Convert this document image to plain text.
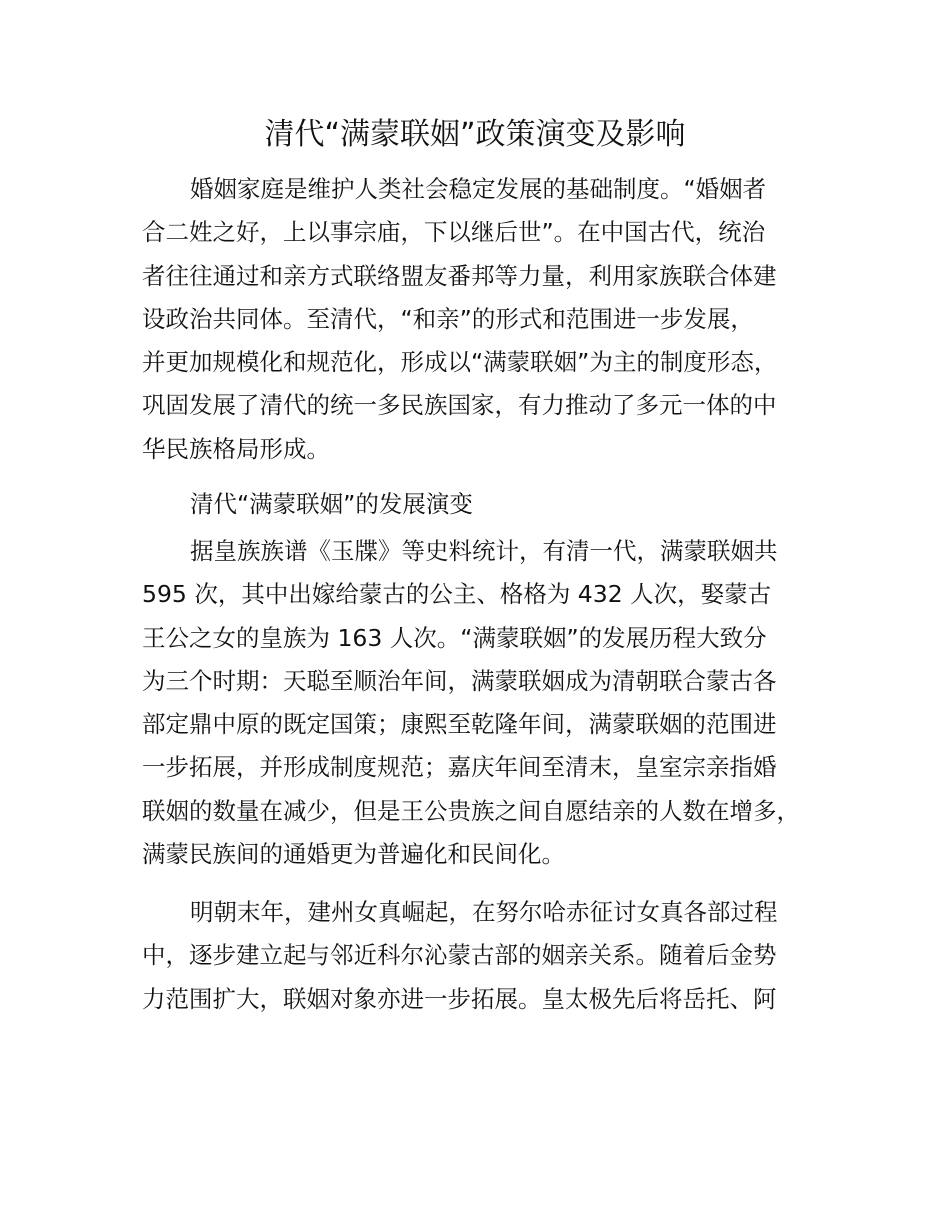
清代“满蒙联姻”政策演变及影响
婚姻家庭是维护人类社会稳定发展的基础制度。“婚姻者
合二姓之好，上以事宗庙，下以继后世”。在中国古代，统治
者往往通过和亲方式联络盟友番邦等力量，利用家族联合体建
设政治共同体。至清代，“和亲”的形式和范围进一步发展，
并更加规模化和规范化，形成以“满蒙联姻”为主的制度形态，
巩固发展了清代的统一多民族国家，有力推动了多元一体的中
华民族格局形成。
清代“满蒙联姻”的发展演变
据皇族族谱《玉牒》等史料统计，有清一代，满蒙联姻共
595 次，其中出嫁给蒙古的公主、格格为 432 人次，娶蒙古
王公之女的皇族为 163 人次。“满蒙联姻”的发展历程大致分
为三个时期：天聪至顺治年间，满蒙联姻成为清朝联合蒙古各
部定鼎中原的既定国策；康熙至乾隆年间，满蒙联姻的范围进
一步拓展，并形成制度规范；嘉庆年间至清末，皇室宗亲指婚
联姻的数量在减少，但是王公贵族之间自愿结亲的人数在增多，
满蒙民族间的通婚更为普遍化和民间化。
明朝末年，建州女真崛起，在努尔哈赤征讨女真各部过程
中，逐步建立起与邻近科尔沁蒙古部的姻亲关系。随着后金势
力范围扩大，联姻对象亦进一步拓展。皇太极先后将岳托、阿
